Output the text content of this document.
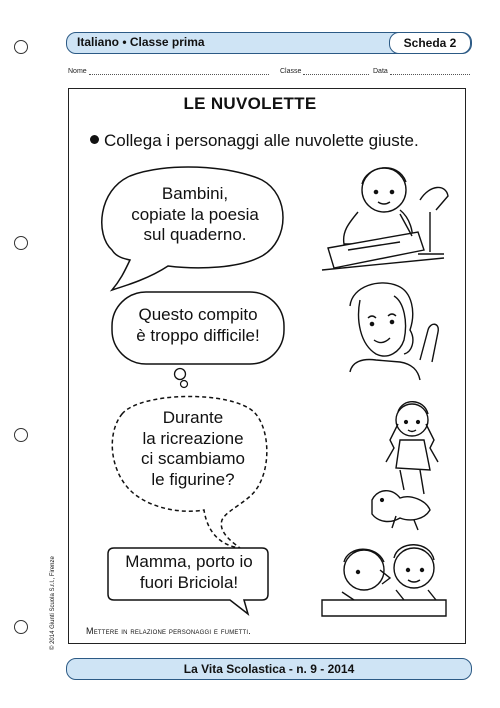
Italiano • Classe prima	Scheda 2
Nome	Classe	Data
LE NUVOLETTE
Collega i personaggi alle nuvolette giuste.
Bambini,
copiate la poesia
sul quaderno.
Questo compito
è troppo difficile!
Durante
la ricreazione
ci scambiamo
le figurine?
Mamma, porto io
fuori Briciola!
Mettere in relazione personaggi e fumetti.
© 2014 Giunti Scuola S.r.l., Firenze
La Vita Scolastica - n. 9 - 2014
